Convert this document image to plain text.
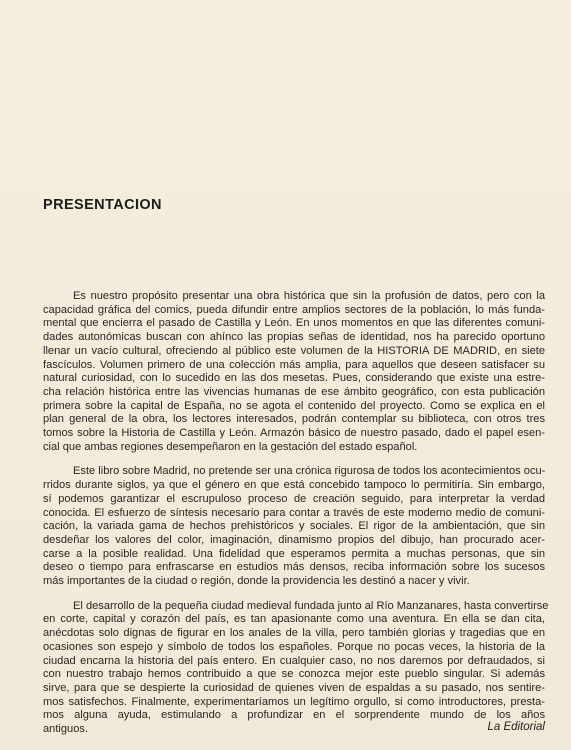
PRESENTACION

Es nuestro propósito presentar una obra histórica que sin la profusión de datos, pero con la

capacidad gráfica del comics, pueda difundir entre amplios sectores de la población, lo más funda-

mental que encierra el pasado de Castilla y León. En unos momentos en que las diferentes comuni-

dades autonómicas buscan con ahínco las propias señas de identidad, nos ha parecido oportuno

llenar un vacío cultural, ofreciendo al público este volumen de la HISTORIA DE MADRID, en siete

fascículos. Volumen primero de una colección más amplia, para aquellos que deseen satisfacer su

natural curiosidad, con lo sucedido en las dos mesetas. Pues, considerando que existe una estre-

cha relación histórica entre las vivencias humanas de ese ámbito geográfico, con esta publicación

primera sobre la capital de España, no se agota el contenido del proyecto. Como se explica en el

plan general de la obra, los lectores interesados, podrán contemplar su biblioteca, con otros tres

tomos sobre la Historia de Castilla y León. Armazón básico de nuestro pasado, dado el papel esen-

cial que ambas regiones desempeñaron en la gestación del estado español.

Este libro sobre Madrid, no pretende ser una crónica rigurosa de todos los acontecimientos ocu-

rridos durante siglos, ya que el género en que está concebido tampoco lo permitiría. Sin embargo,

sí podemos garantizar el escrupuloso proceso de creación seguido, para interpretar la verdad

conocida. El esfuerzo de síntesis necesario para contar a través de este moderno medio de comuni-

cación, la variada gama de hechos prehistóricos y sociales. El rigor de la ambientación, que sin

desdeñar los valores del color, imaginación, dinamismo propios del dibujo, han procurado acer-

carse a la posible realidad. Una fidelidad que esperamos permita a muchas personas, que sin

deseo o tiempo para enfrascarse en estudios más densos, reciba información sobre los sucesos

más importantes de la ciudad o región, donde la providencia les destinó a nacer y vivir.

El desarrollo de la pequeña ciudad medieval fundada junto al Río Manzanares, hasta convertirse

en corte, capital y corazón del país, es tan apasionante como una aventura. En ella se dan cita,

anécdotas solo dignas de figurar en los anales de la villa, pero también glorias y tragedias que en

ocasiones son espejo y símbolo de todos los españoles. Porque no pocas veces, la historia de la

ciudad encarna la historia del país entero. En cualquier caso, no nos daremos por defraudados, si

con nuestro trabajo hemos contribuido a que se conozca mejor este pueblo singular. Si además

sirve, para que se despierte la curiosidad de quienes viven de espaldas a su pasado, nos sentire-

mos satisfechos. Finalmente, experimentaríamos un legítimo orgullo, si como introductores, presta-

mos alguna ayuda, estimulando a profundizar en el sorprendente mundo de los años

antiguos.	La Editorial
